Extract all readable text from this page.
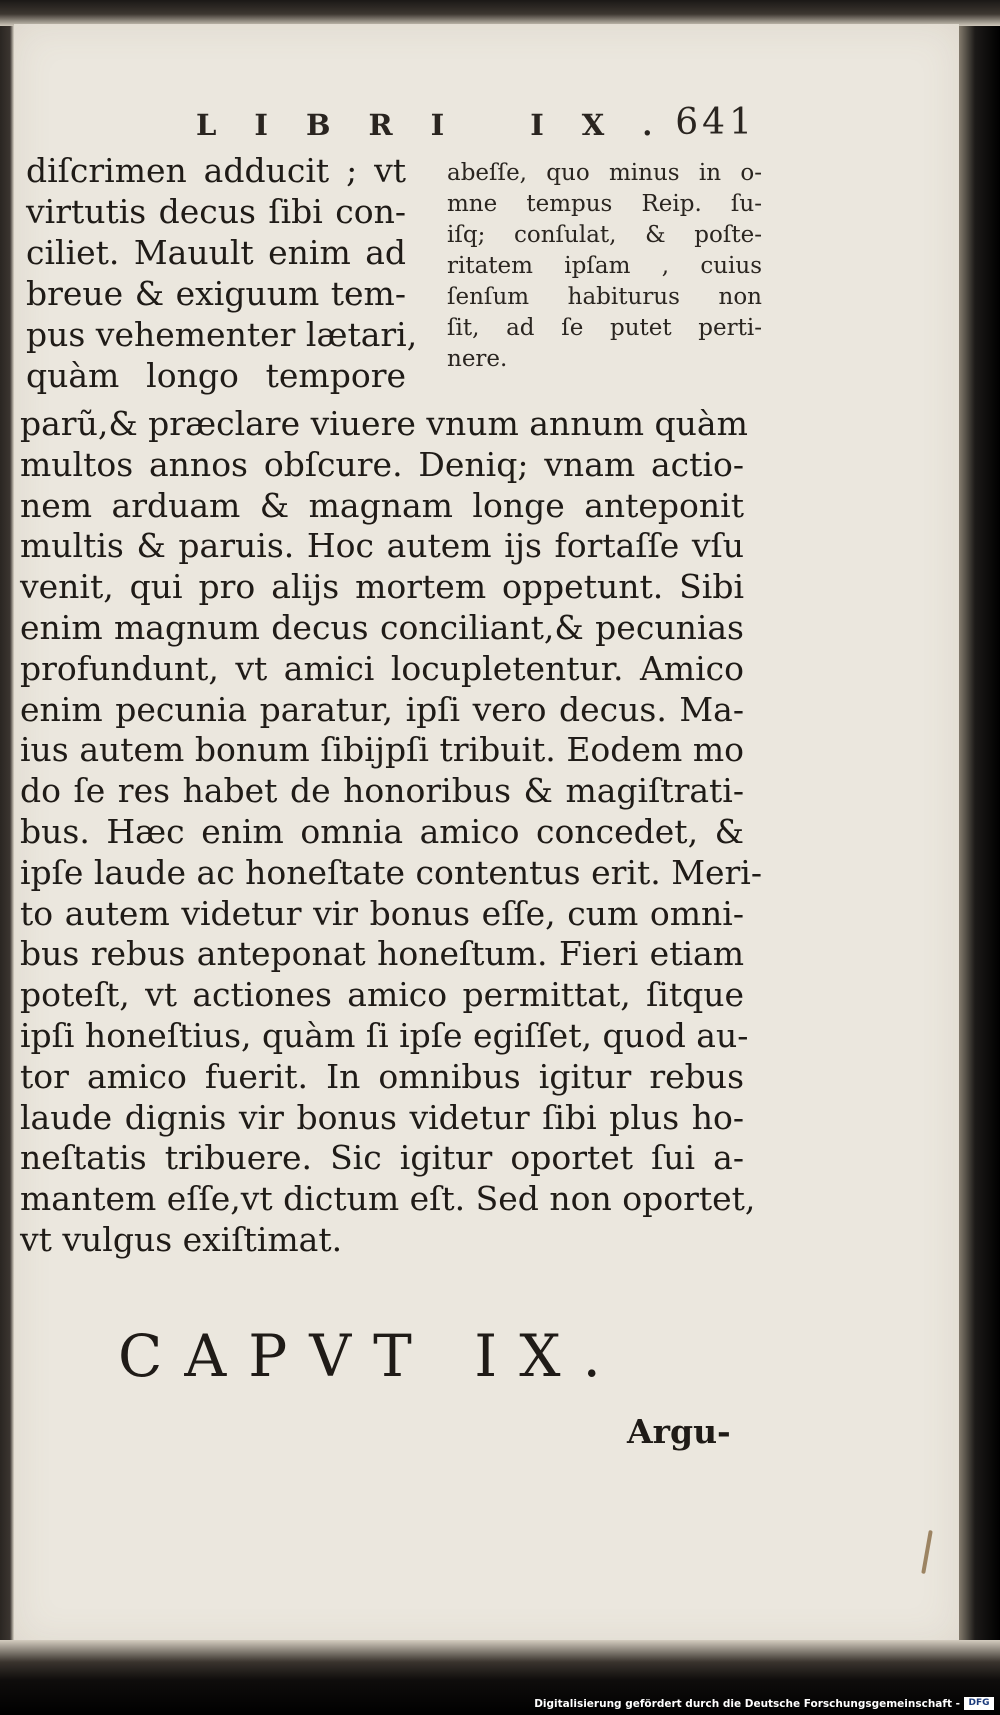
LIBRI IX.
641
diſcrimen adducit ; vt
virtutis decus ſibi con-
ciliet. Mauult enim ad
breue & exiguum tem-
pus vehementer lætari,
quàm longo tempore
abeſſe, quo minus in o-
mne tempus Reip. ſu-
iſq; conſulat, & poſte-
ritatem ipſam , cuius
ſenſum habiturus non
ſit, ad ſe putet perti-
nere.
parũ,& præclare viuere vnum annum quàm
multos annos obſcure. Deniq; vnam actio-
nem arduam & magnam longe anteponit
multis & paruis. Hoc autem ijs fortaſſe vſu
venit, qui pro alijs mortem oppetunt. Sibi
enim magnum decus conciliant,& pecunias
profundunt, vt amici locupletentur. Amico
enim pecunia paratur, ipſi vero decus. Ma-
ius autem bonum ſibijpſi tribuit. Eodem mo
do ſe res habet de honoribus & magiſtrati-
bus. Hæc enim omnia amico concedet, &
ipſe laude ac honeſtate contentus erit. Meri-
to autem videtur vir bonus eſſe, cum omni-
bus rebus anteponat honeſtum. Fieri etiam
poteſt, vt actiones amico permittat, ſitque
ipſi honeſtius, quàm ſi ipſe egiſſet, quod au-
tor amico fuerit. In omnibus igitur rebus
laude dignis vir bonus videtur ſibi plus ho-
neſtatis tribuere. Sic igitur oportet ſui a-
mantem eſſe,vt dictum eſt. Sed non oportet,
vt vulgus exiſtimat.
CAPVT IX.
Argu-
Digitalisierung gefördert durch die Deutsche Forschungsgemeinschaft - DFG
